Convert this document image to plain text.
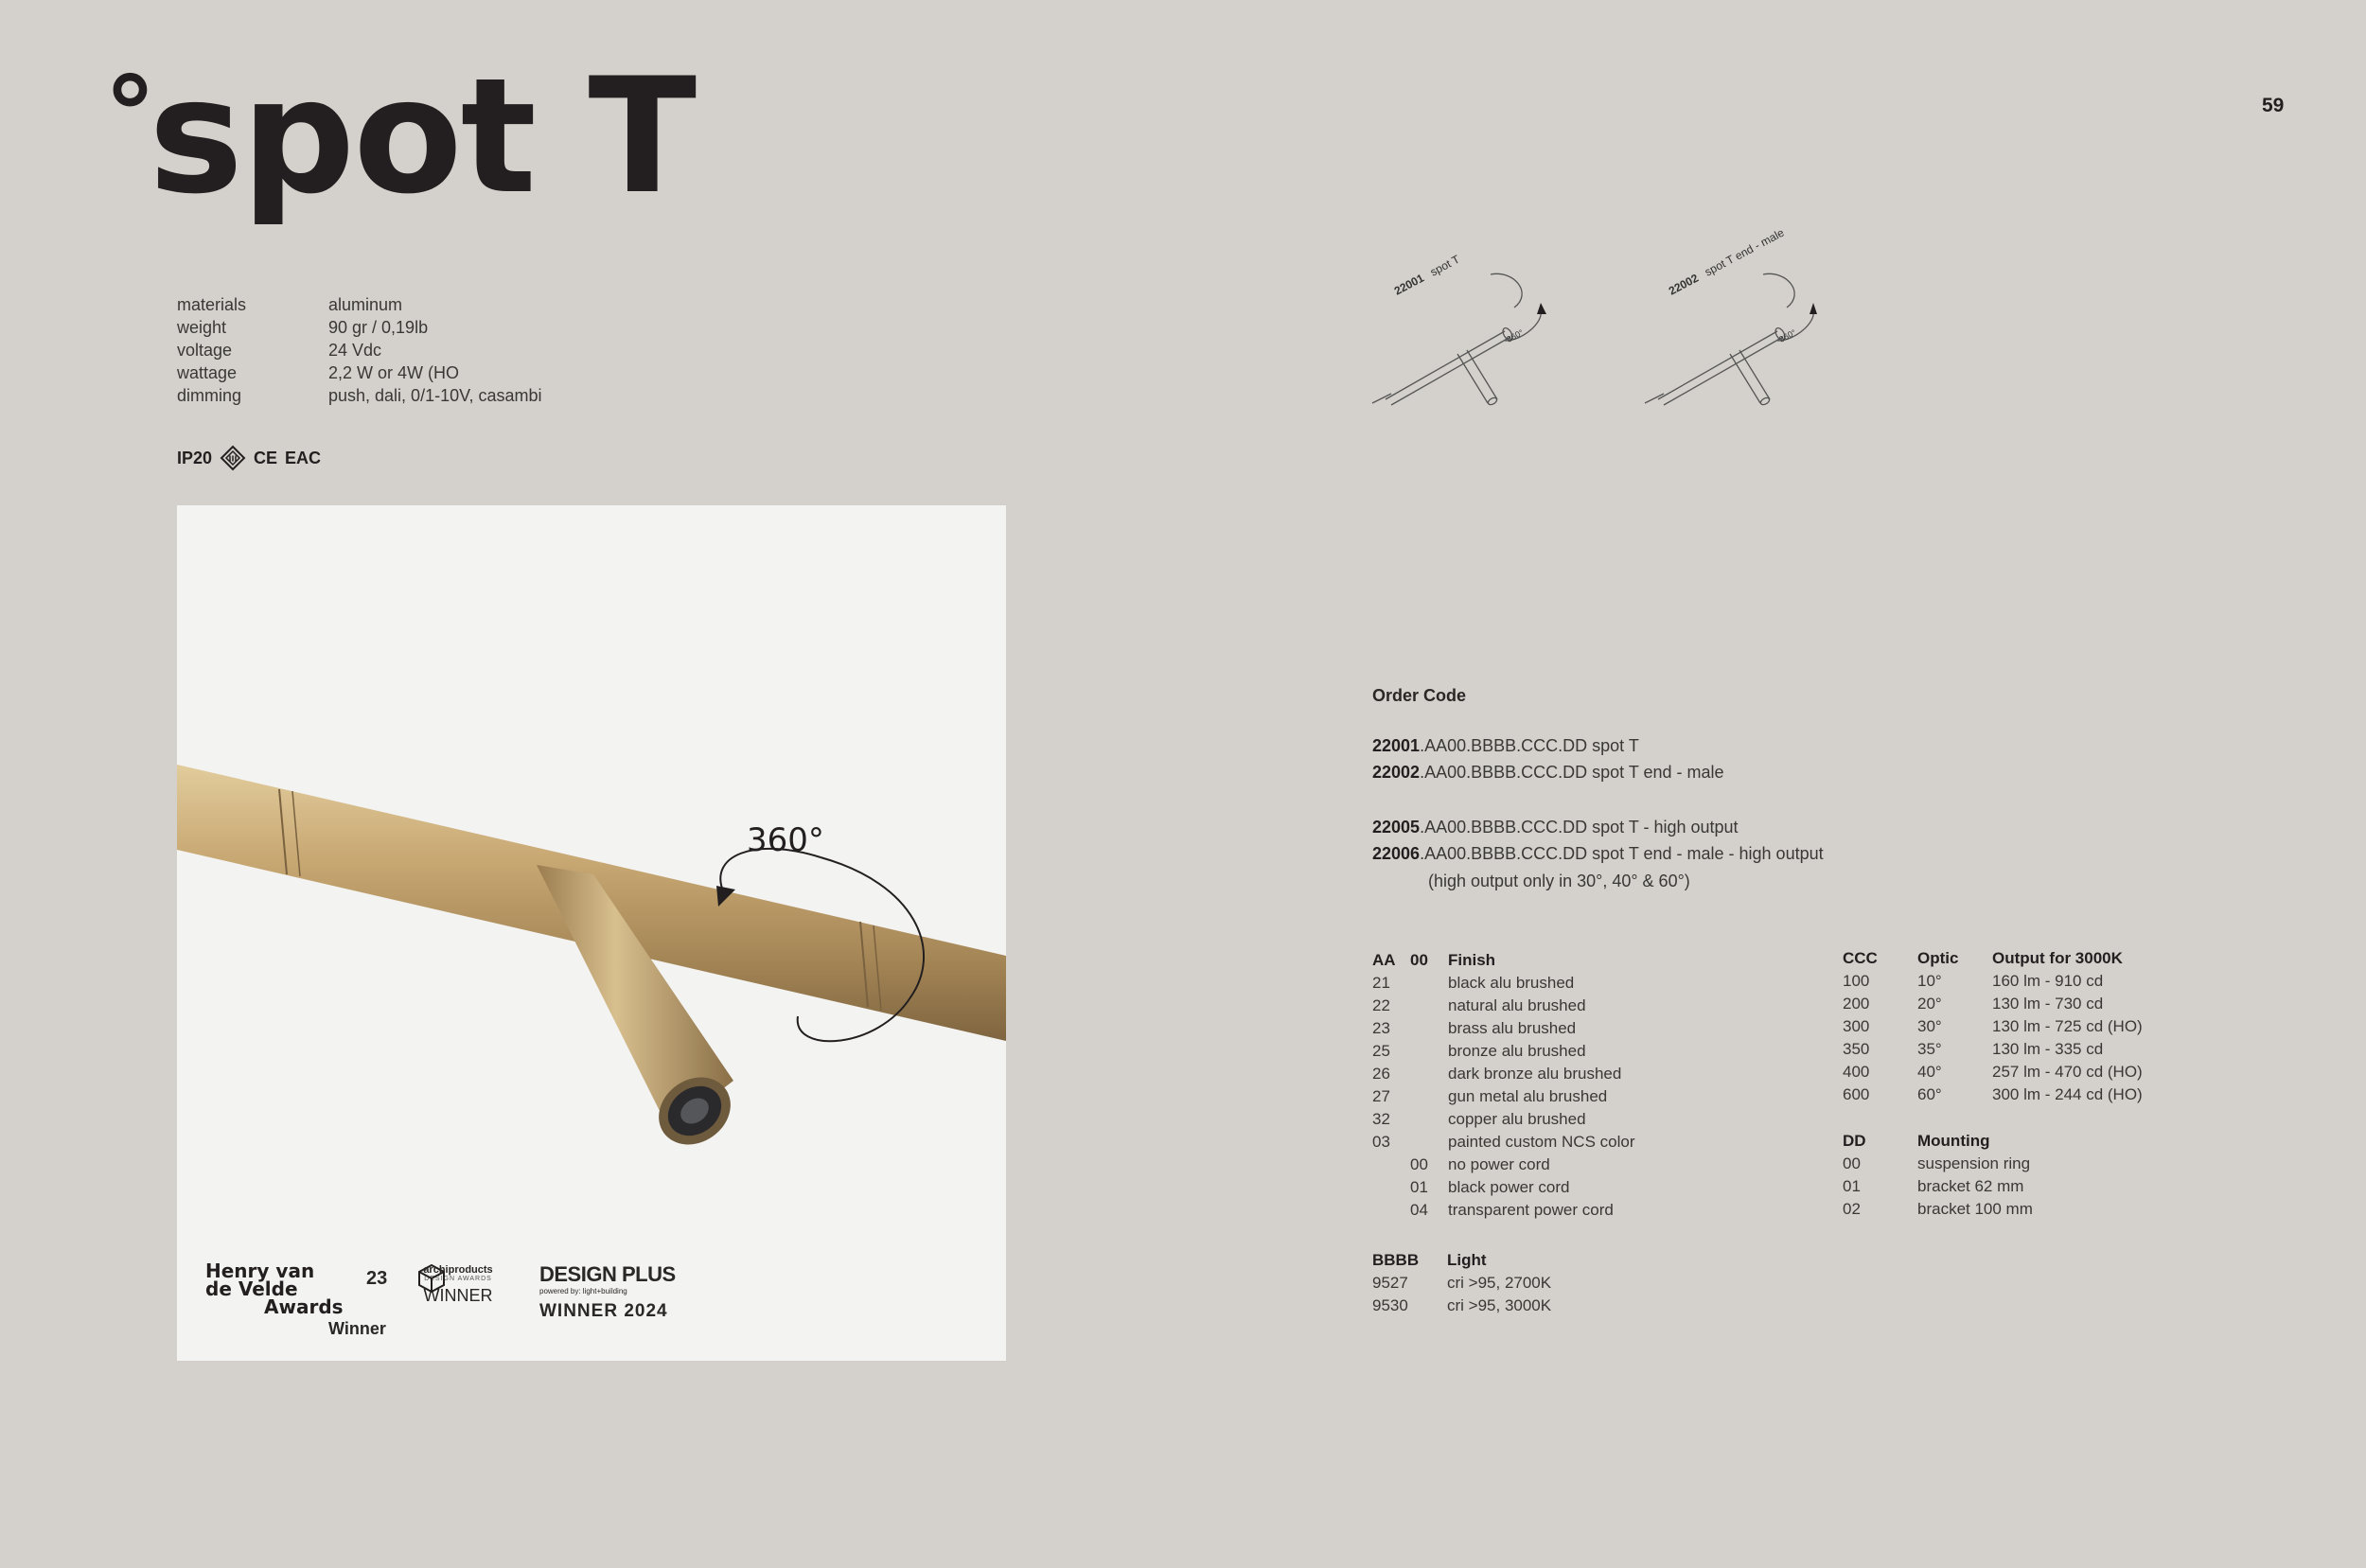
°spot T	59
materials	aluminum
weight	90 gr / 0,19lb
voltage	24 Vdc
wattage	2,2 W or 4W (HO
dimming	push, dali, 0/1-10V, casambi
IP20 III CE EAC
360°
Henry van
de Velde
Awards
23
Winner
archiproducts
DESIGN AWARDS
WINNER
DESIGN PLUS
powered by: light+building
WINNER 2024
22001
spot T
360°
22002
spot T end - male
360°
Order Code
22001.AA00.BBBB.CCC.DD spot T
22002.AA00.BBBB.CCC.DD spot T end - male
22005.AA00.BBBB.CCC.DD spot T - high output
22006.AA00.BBBB.CCC.DD spot T end - male - high output
(high output only in 30°, 40° & 60°)
AA 00 Finish
21	black alu brushed
22	natural alu brushed
23	brass alu brushed
25	bronze alu brushed
26	dark bronze alu brushed
27	gun metal alu brushed
32	copper alu brushed
03	painted custom NCS color
00 no power cord
01 black power cord
04 transparent power cord
BBBB Light
9527 cri >95, 2700K
9530 cri >95, 3000K
CCC Optic Output for 3000K
100	10°	160 lm - 910 cd
200	20°	130 lm - 730 cd
300	30°	130 lm - 725 cd (HO)
350	35°	130 lm - 335 cd
400	40°	257 lm - 470 cd (HO)
600	60°	300 lm - 244 cd (HO)
DD	Mounting
00	suspension ring
01	bracket 62 mm
02	bracket 100 mm
